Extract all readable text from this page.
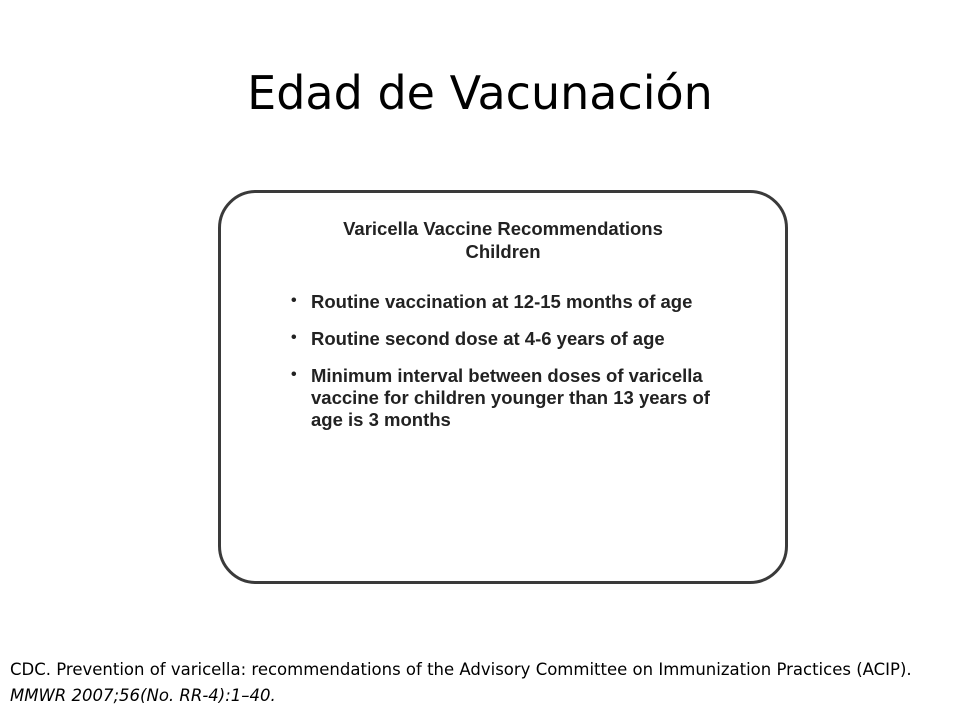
Edad de Vacunación
Varicella Vaccine Recommendations
Children
• Routine vaccination at 12-15 months of age
• Routine second dose at 4-6 years of age
• Minimum interval between doses of varicella vaccine for children younger than 13 years of age is 3 months
CDC. Prevention of varicella: recommendations of the Advisory Committee on Immunization Practices (ACIP). MMWR 2007;56(No. RR-4):1–40.
